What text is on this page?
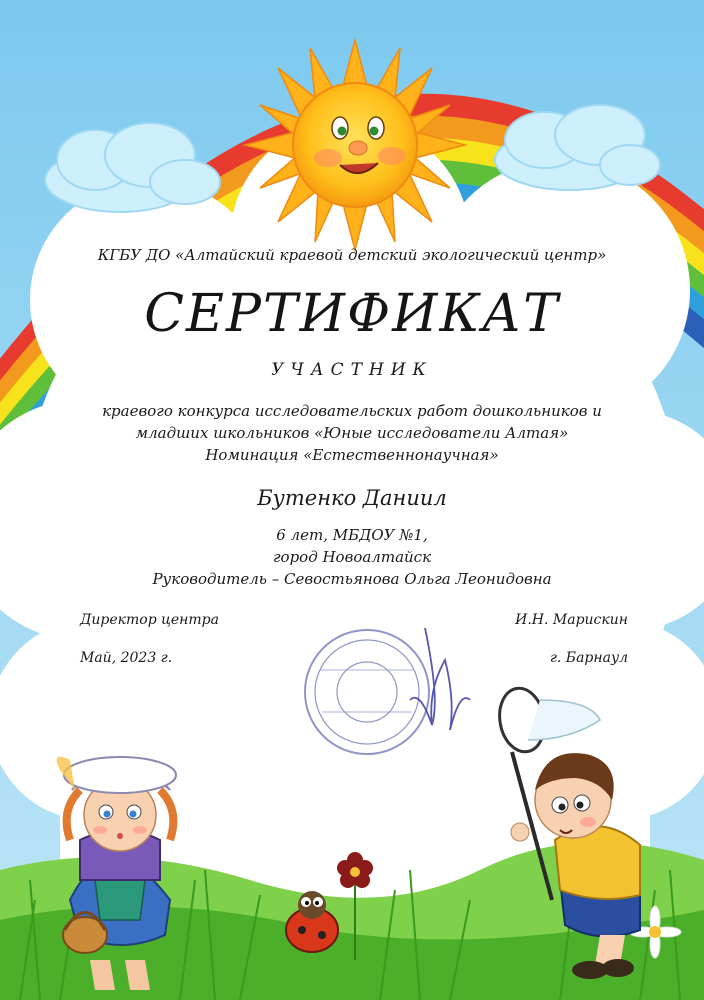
КГБУ ДО «Алтайский краевой детский экологический центр»
СЕРТИФИКАТ
УЧАСТНИК
краевого конкурса исследовательских работ дошкольников и
младших школьников «Юные исследователи Алтая»
Номинация «Естественнонаучная»
Бутенко Даниил
6 лет, МБДОУ №1,
город Новоалтайск
Руководитель – Севостьянова Ольга Леонидовна
Директор центра	И.Н. Марискин
Май, 2023 г.	г. Барнаул
